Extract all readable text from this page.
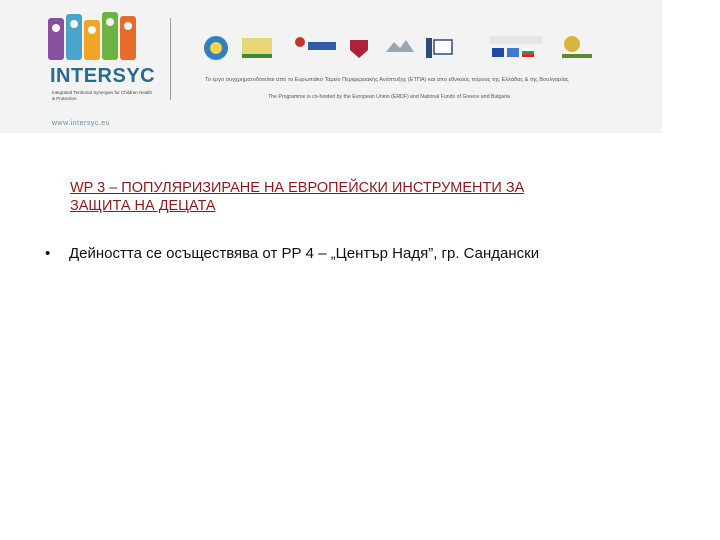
INTERSYC
Integrated Territorial Synergies for Children Health & Protection
www.intersyc.eu
Το έργο συγχρηματοδοτείται από το Ευρωπαϊκό Ταμείο Περιφερειακής Ανάπτυξης (ΕΤΠΑ) και από εθνικούς πόρους της Ελλάδας & της Βουλγαρίας
The Programme is co-funded by the European Union (ERDF) and National Funds of Greece and Bulgaria
WP 3 – ПОПУЛЯРИЗИРАНЕ НА ЕВРОПЕЙСКИ ИНСТРУМЕНТИ ЗА
ЗАЩИТА НА ДЕЦАТА
•	Дейността се осъществява от РР 4 – „Център Надя”, гр. Сандански
